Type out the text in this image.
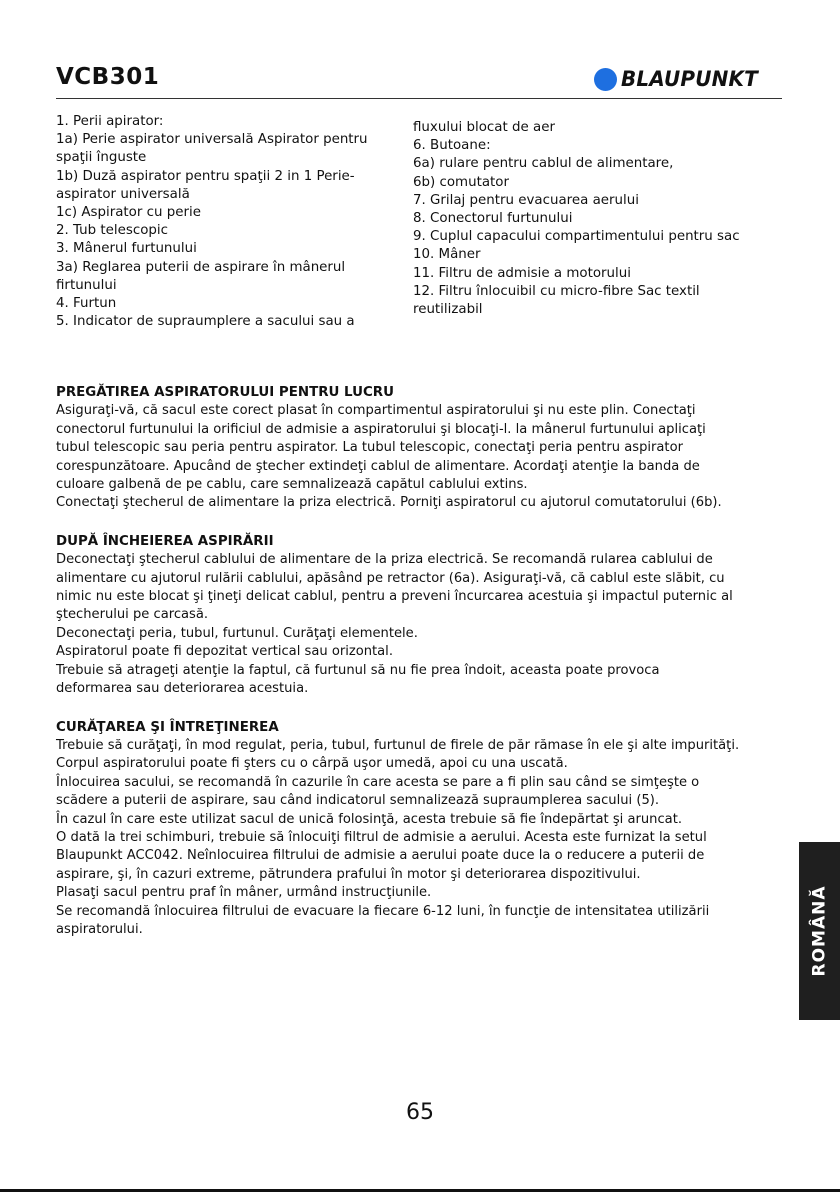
VCB301	BLAUPUNKT

1. Perii apirator:

1a) Perie aspirator universală Aspirator pentru

spaţii înguste

1b) Duză aspirator pentru spaţii 2 in 1 Perie-

aspirator universală

1c) Aspirator cu perie

2. Tub telescopic

3. Mânerul furtunului

3a) Reglarea puterii de aspirare în mânerul

firtunului

4. Furtun

5. Indicator de supraumplere a sacului sau a

fluxului blocat de aer

6. Butoane:

6a) rulare pentru cablul de alimentare,

6b) comutator

7. Grilaj pentru evacuarea aerului

8. Conectorul furtunului

9. Cuplul capacului compartimentului pentru sac

10. Mâner

11. Filtru de admisie a motorului

12. Filtru înlocuibil cu micro-fibre Sac textil

reutilizabil

PREGĂTIREA ASPIRATORULUI PENTRU LUCRU

Asiguraţi-vă, că sacul este corect plasat în compartimentul aspiratorului şi nu este plin. Conectaţi

conectorul furtunului la orificiul de admisie a aspiratorului şi blocaţi-l. la mânerul furtunului aplicaţi

tubul telescopic sau peria pentru aspirator. La tubul telescopic, conectaţi peria pentru aspirator

corespunzătoare. Apucând de ştecher extindeţi cablul de alimentare. Acordaţi atenţie la banda de

culoare galbenă de pe cablu, care semnalizează capătul cablului extins.

Conectaţi ştecherul de alimentare la priza electrică. Porniţi aspiratorul cu ajutorul comutatorului (6b).

DUPĂ ÎNCHEIEREA ASPIRĂRII

Deconectaţi ştecherul cablului de alimentare de la priza electrică. Se recomandă rularea cablului de

alimentare cu ajutorul rulării cablului, apăsând pe retractor (6a). Asiguraţi-vă, că cablul este slăbit, cu

nimic nu este blocat şi ţineţi delicat cablul, pentru a preveni încurcarea acestuia şi impactul puternic al

ştecherului pe carcasă.

Deconectaţi peria, tubul, furtunul. Curăţaţi elementele.

Aspiratorul poate fi depozitat vertical sau orizontal.

Trebuie să atrageţi atenţie la faptul, că furtunul să nu fie prea îndoit, aceasta poate provoca

deformarea sau deteriorarea acestuia.

CURĂŢAREA ŞI ÎNTREŢINEREA

Trebuie să curăţaţi, în mod regulat, peria, tubul, furtunul de firele de păr rămase în ele şi alte impurităţi.

Corpul aspiratorului poate fi şters cu o cârpă uşor umedă, apoi cu una uscată.

Înlocuirea sacului, se recomandă în cazurile în care acesta se pare a fi plin sau când se simţeşte o

scădere a puterii de aspirare, sau când indicatorul semnalizează supraumplerea sacului (5).

În cazul în care este utilizat sacul de unică folosinţă, acesta trebuie să fie îndepărtat şi aruncat.

O dată la trei schimburi, trebuie să înlocuiţi filtrul de admisie a aerului. Acesta este furnizat la setul

Blaupunkt ACC042. Neînlocuirea filtrului de admisie a aerului poate duce la o reducere a puterii de

aspirare, şi, în cazuri extreme, pătrundera prafului în motor şi deteriorarea dispozitivului.

Plasaţi sacul pentru praf în mâner, urmând instrucţiunile.

Se recomandă înlocuirea filtrului de evacuare la fiecare 6-12 luni, în funcţie de intensitatea utilizării

aspiratorului.	ROMÂNĂ
65
